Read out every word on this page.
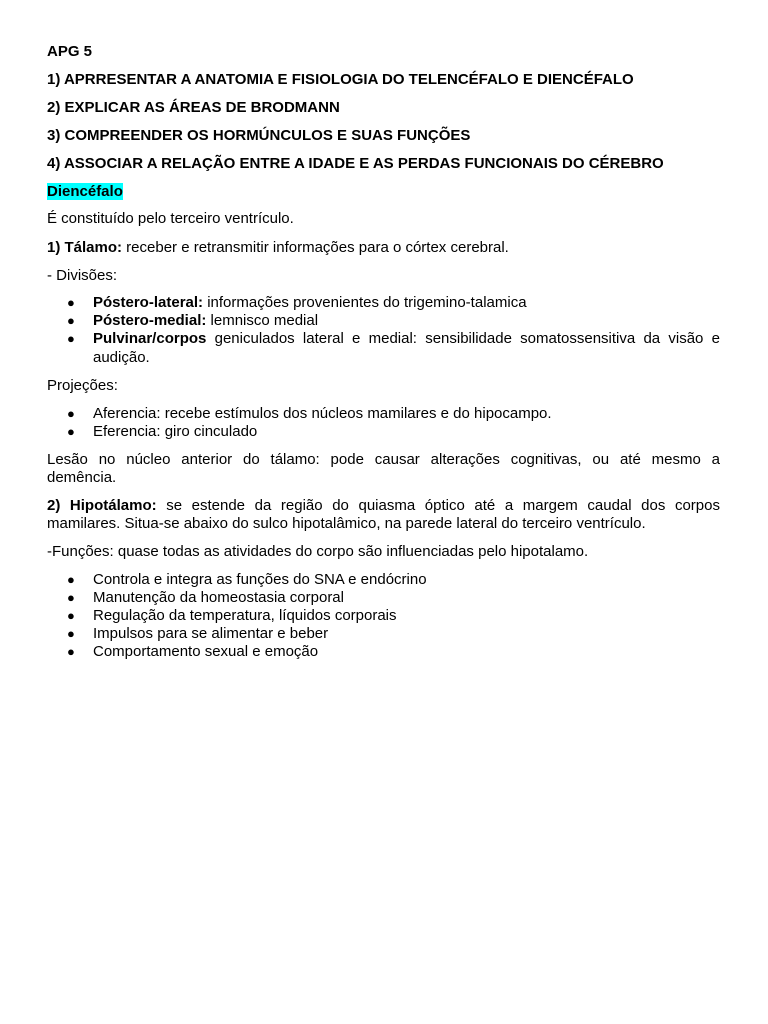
APG 5
1) APRRESENTAR A ANATOMIA E FISIOLOGIA DO TELENCÉFALO E DIENCÉFALO
2) EXPLICAR AS ÁREAS DE BRODMANN
3) COMPREENDER OS HORMÚNCULOS E SUAS FUNÇÕES
4) ASSOCIAR A RELAÇÃO ENTRE A IDADE E AS PERDAS FUNCIONAIS DO CÉREBRO
Diencéfalo
É constituído pelo terceiro ventrículo.
1) Tálamo: receber e retransmitir informações para o córtex cerebral.
- Divisões:
● Póstero-lateral: informações provenientes do trigemino-talamica
● Póstero-medial: lemnisco medial
● Pulvinar/corpos geniculados lateral e medial: sensibilidade somatossensitiva da visão e
audição.
Projeções:
● Aferencia: recebe estímulos dos núcleos mamilares e do hipocampo.
● Eferencia: giro cinculado
Lesão no núcleo anterior do tálamo: pode causar alterações cognitivas, ou até mesmo a
demência.
2) Hipotálamo: se estende da região do quiasma óptico até a margem caudal dos corpos
mamilares. Situa-se abaixo do sulco hipotalâmico, na parede lateral do terceiro ventrículo.
-Funções: quase todas as atividades do corpo são influenciadas pelo hipotalamo.
● Controla e integra as funções do SNA e endócrino
● Manutenção da homeostasia corporal
● Regulação da temperatura, líquidos corporais
● Impulsos para se alimentar e beber
● Comportamento sexual e emoção
